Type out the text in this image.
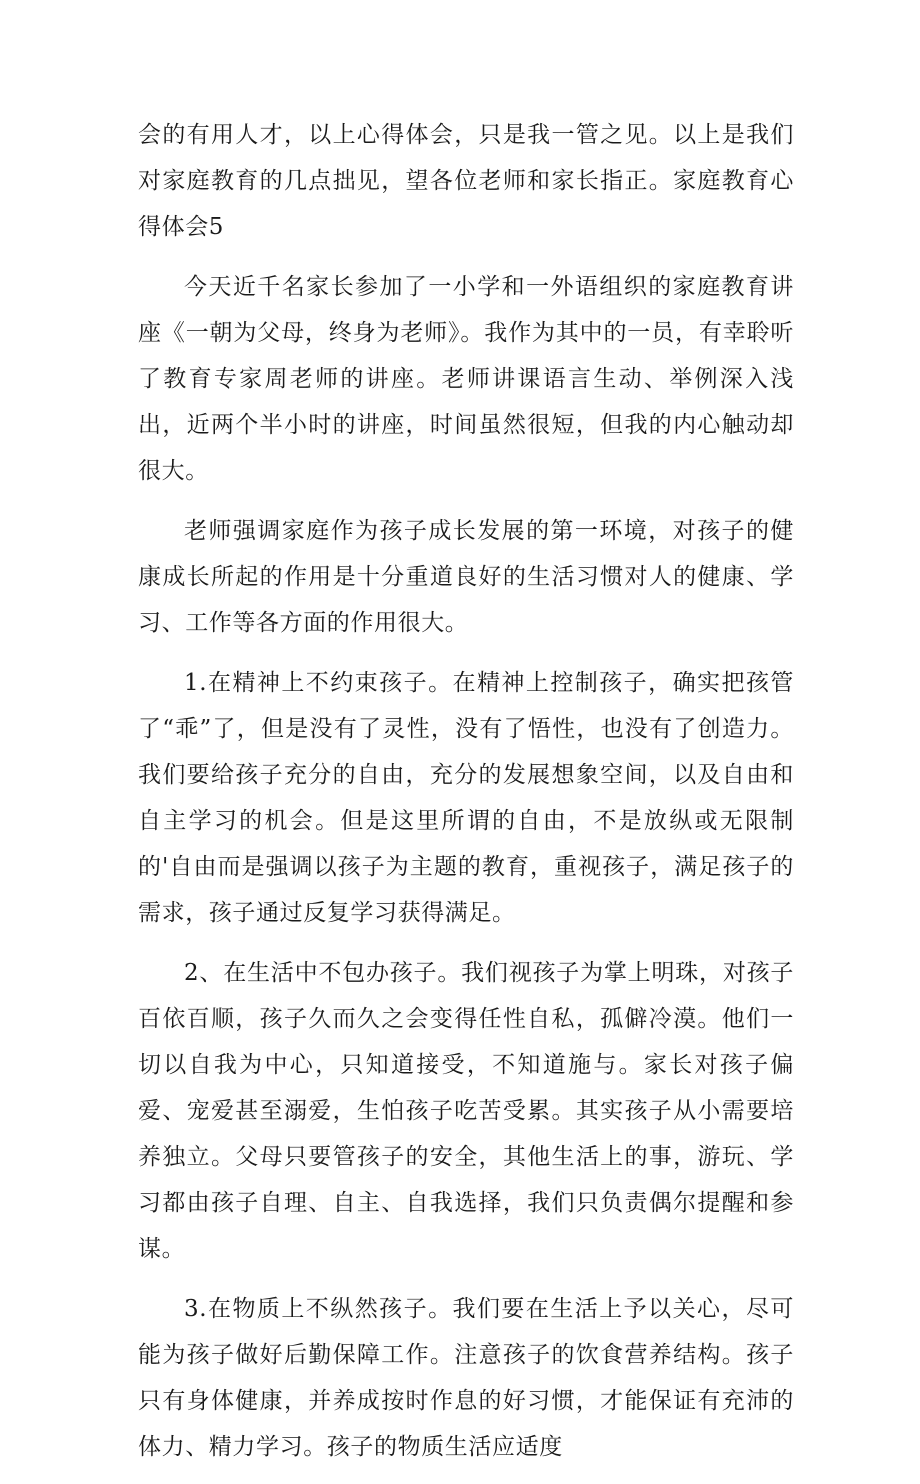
会的有用人才，以上心得体会，只是我一管之见。以上是我们对家庭教育的几点拙见，望各位老师和家长指正。家庭教育心得体会5

今天近千名家长参加了一小学和一外语组织的家庭教育讲座《一朝为父母，终身为老师》。我作为其中的一员，有幸聆听了教育专家周老师的讲座。老师讲课语言生动、举例深入浅出，近两个半小时的讲座，时间虽然很短，但我的内心触动却很大。

老师强调家庭作为孩子成长发展的第一环境，对孩子的健康成长所起的作用是十分重道良好的生活习惯对人的健康、学习、工作等各方面的作用很大。

1.在精神上不约束孩子。在精神上控制孩子，确实把孩管了“乖”了，但是没有了灵性，没有了悟性，也没有了创造力。我们要给孩子充分的自由，充分的发展想象空间，以及自由和自主学习的机会。但是这里所谓的自由，不是放纵或无限制的'自由而是强调以孩子为主题的教育，重视孩子，满足孩子的需求，孩子通过反复学习获得满足。

2、在生活中不包办孩子。我们视孩子为掌上明珠，对孩子百依百顺，孩子久而久之会变得任性自私，孤僻冷漠。他们一切以自我为中心，只知道接受，不知道施与。家长对孩子偏爱、宠爱甚至溺爱，生怕孩子吃苦受累。其实孩子从小需要培养独立。父母只要管孩子的安全，其他生活上的事，游玩、学习都由孩子自理、自主、自我选择，我们只负责偶尔提醒和参谋。

3.在物质上不纵然孩子。我们要在生活上予以关心，尽可能为孩子做好后勤保障工作。注意孩子的饮食营养结构。孩子只有身体健康，并养成按时作息的好习惯，才能保证有充沛的体力、精力学习。孩子的物质生活应适度
